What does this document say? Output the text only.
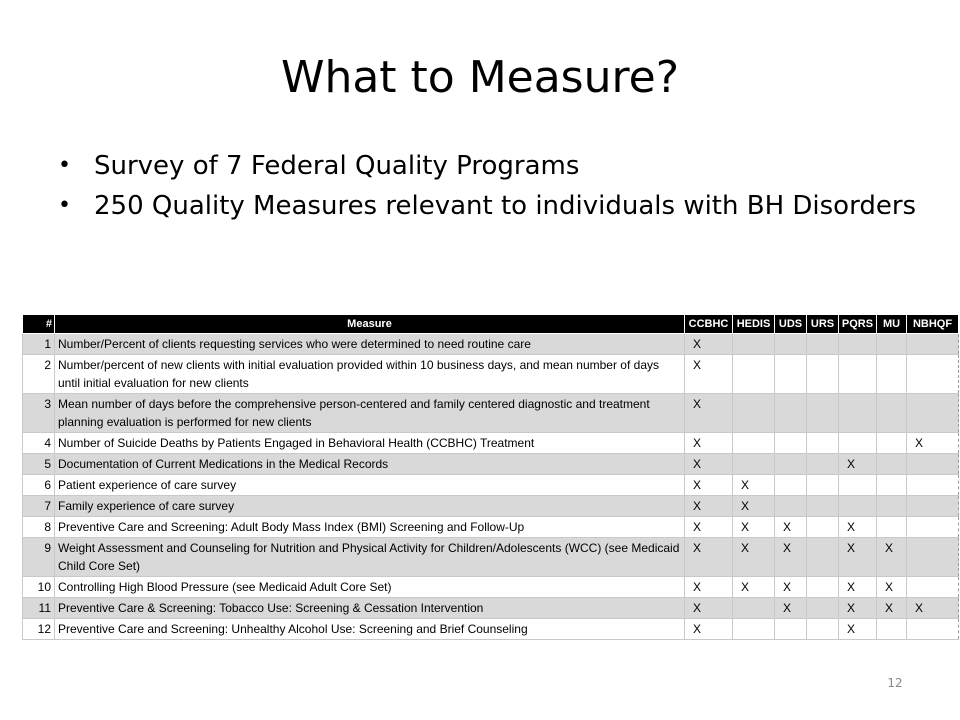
What to Measure?
• Survey of 7 Federal Quality Programs
• 250 Quality Measures relevant to individuals with BH Disorders
#	Measure	CCBHC	HEDIS	UDS	URS	PQRS	MU	NBHQF
1	Number/Percent of clients requesting services who were determined to need routine care	X						
2	Number/percent of new clients with initial evaluation provided within 10 business days, and mean number of days until initial evaluation for new clients	X						
3	Mean number of days before the comprehensive person-centered and family centered diagnostic and treatment planning evaluation is performed for new clients	X						
4	Number of Suicide Deaths by Patients Engaged in Behavioral Health (CCBHC) Treatment	X						X
5	Documentation of Current Medications in the Medical Records	X				X		
6	Patient experience of care survey	X	X					
7	Family experience of care survey	X	X					
8	Preventive Care and Screening: Adult Body Mass Index (BMI) Screening and Follow-Up	X	X	X		X		
9	Weight Assessment and Counseling for Nutrition and Physical Activity for Children/Adolescents (WCC) (see Medicaid Child Core Set)	X	X	X		X	X	
10	Controlling High Blood Pressure (see Medicaid Adult Core Set)	X	X	X		X	X	
11	Preventive Care & Screening: Tobacco Use: Screening & Cessation Intervention	X		X		X	X	X
12	Preventive Care and Screening: Unhealthy Alcohol Use: Screening and Brief Counseling	X				X		
12
